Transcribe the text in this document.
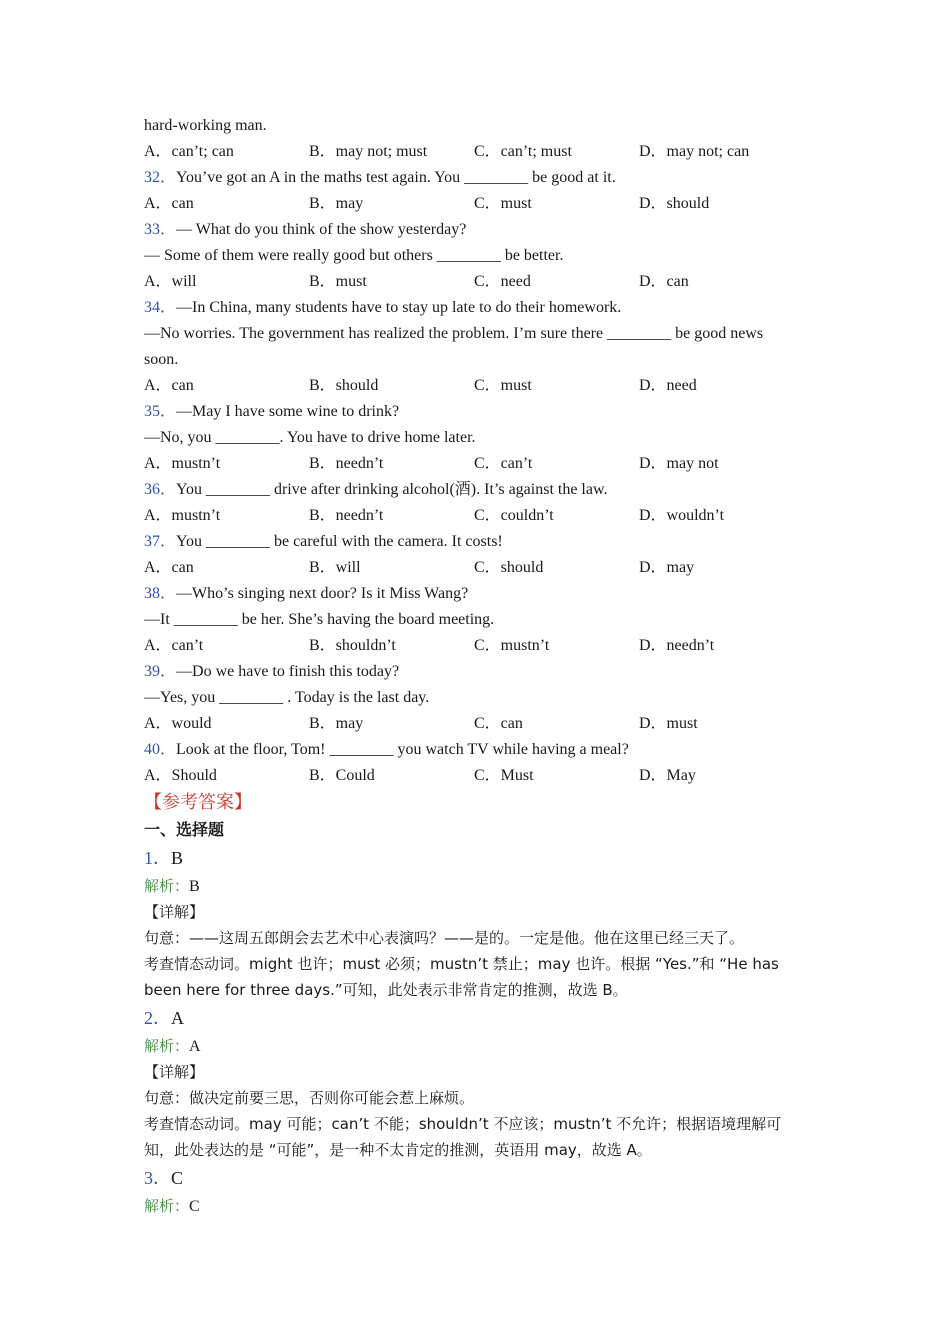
hard-working man.
A．can’t; can	B．may not; must	C．can’t; must	D．may not; can
32．You’ve got an A in the maths test again. You ________ be good at it.
A．can	B．may	C．must	D．should
33．— What do you think of the show yesterday?
— Some of them were really good but others ________ be better.
A．will	B．must	C．need	D．can
34．—In China, many students have to stay up late to do their homework.
—No worries. The government has realized the problem. I’m sure there ________ be good news
soon.
A．can	B．should	C．must	D．need
35．—May I have some wine to drink?
—No, you ________. You have to drive home later.
A．mustn’t	B．needn’t	C．can’t	D．may not
36．You ________ drive after drinking alcohol(酒). It’s against the law.
A．mustn’t	B．needn’t	C．couldn’t	D．wouldn’t
37．You ________ be careful with the camera. It costs!
A．can	B．will	C．should	D．may
38．—Who’s singing next door? Is it Miss Wang?
—It ________ be her. She’s having the board meeting.
A．can’t	B．shouldn’t	C．mustn’t	D．needn’t
39．—Do we have to finish this today?
—Yes, you ________ . Today is the last day.
A．would	B．may	C．can	D．must
40．Look at the floor, Tom! ________ you watch TV while having a meal?
A．Should	B．Could	C．Must	D．May
【参考答案】
一、选择题
1．B
解析：B
【详解】
句意：——这周五郎朗会去艺术中心表演吗？——是的。一定是他。他在这里已经三天了。
考查情态动词。might 也许；must 必须；mustn’t 禁止；may 也许。根据 “Yes.”和 “He has
been here for three days.”可知，此处表示非常肯定的推测，故选 B。
2．A
解析：A
【详解】
句意：做决定前要三思，否则你可能会惹上麻烦。
考查情态动词。may 可能；can’t 不能；shouldn’t 不应该；mustn’t 不允许；根据语境理解可
知，此处表达的是 “可能”，是一种不太肯定的推测，英语用 may，故选 A。
3．C
解析：C
